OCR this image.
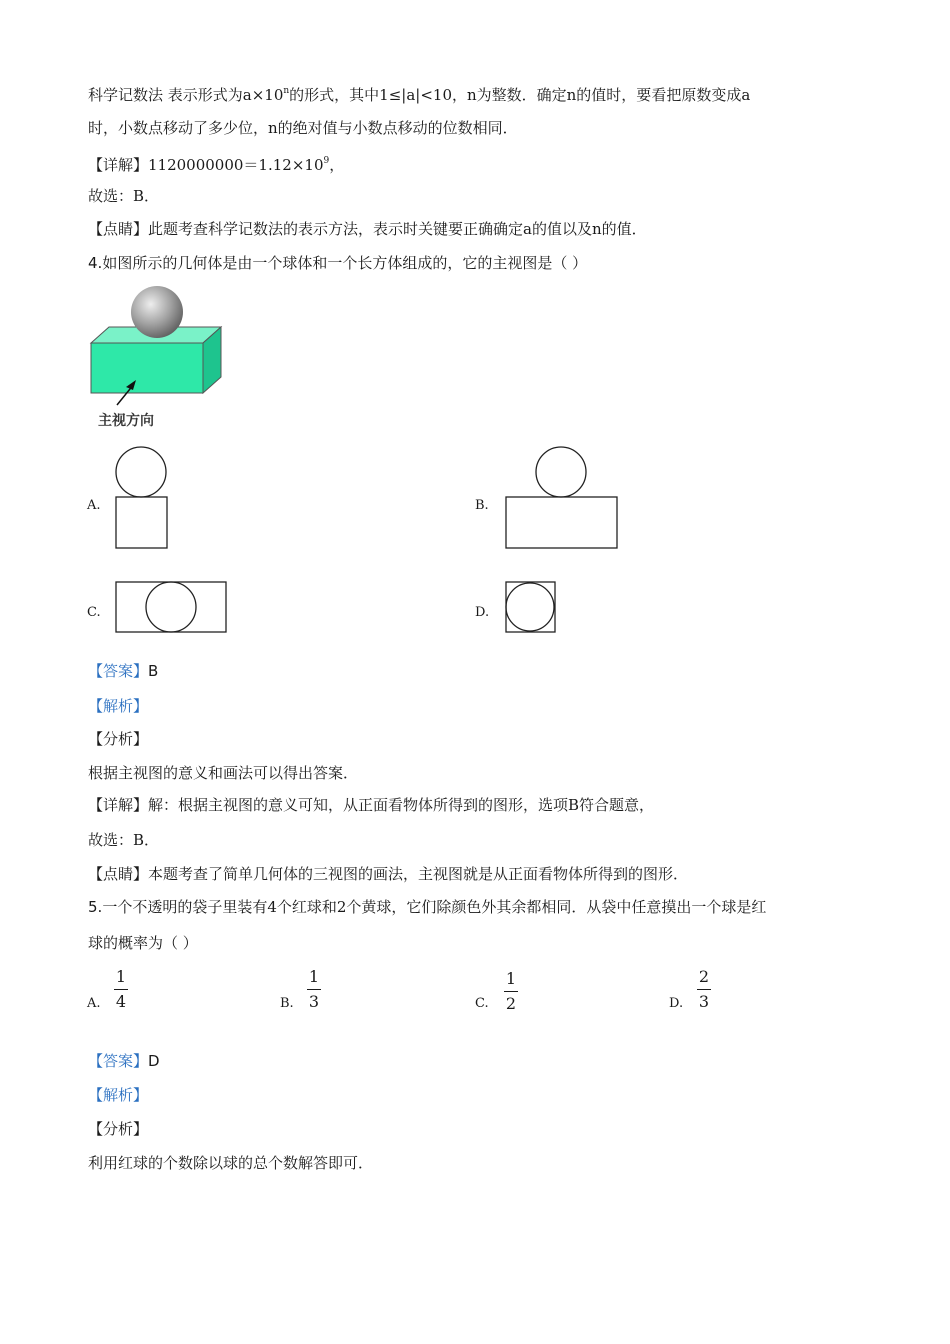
科学记数法 表示形式为$a\times 10^n$的形式，其中1≤|a|<10，n为整数．确定n的值时，要看把原数变成a
时，小数点移动了多少位，n的绝对值与小数点移动的位数相同．
【详解】$1120000000=1.12\times 10^9$，
故选：B．
【点睛】此题考查科学记数法的表示方法，表示时关键要正确确定a的值以及n的值．
4.如图所示的几何体是由一个球体和一个长方体组成的，它的主视图是（ ）
主视方向
A.	B.
C.	D.
【答案】B
【解析】
【分析】
根据主视图的意义和画法可以得出答案．
【详解】解：根据主视图的意义可知，从正面看物体所得到的图形，选项B符合题意，
故选：B．
【点睛】本题考查了简单几何体的三视图的画法，主视图就是从正面看物体所得到的图形．
5.一个不透明的袋子里装有4个红球和2个黄球，它们除颜色外其余都相同．从袋中任意摸出一个球是红
球的概率为（ ）
A.
1
4	B.
1
3	C.
1
2	D.
2
3
【答案】D
【解析】
【分析】
利用红球的个数除以球的总个数解答即可．
